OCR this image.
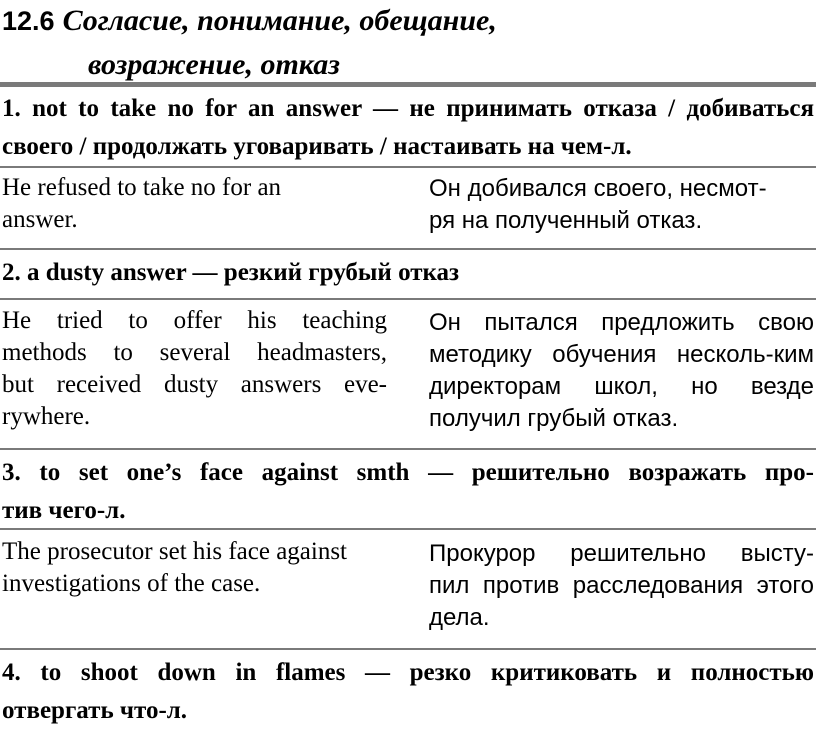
12.6 Согласие, понимание, обещание,
возражение, отказ
1. not to take no for an answer — не принимать отказа / добиваться
своего / продолжать уговаривать / настаивать на чем-л.
He refused to take no for an
answer.
Он добивался своего, несмот-
ря на полученный отказ.
2. a dusty answer — резкий грубый отказ
He tried to offer his teaching
methods to several headmasters,
but received dusty answers eve-
rywhere.
Он пытался предложить свою
методику обучения несколь-ким
директорам школ, но везде
получил грубый отказ.
3. to set one’s face against smth — решительно возражать про-
тив чего-л.
The prosecutor set his face against
investigations of the case.
Прокурор решительно высту-
пил против расследования этого
дела.
4. to shoot down in flames — резко критиковать и полностью
отвергать что-л.
